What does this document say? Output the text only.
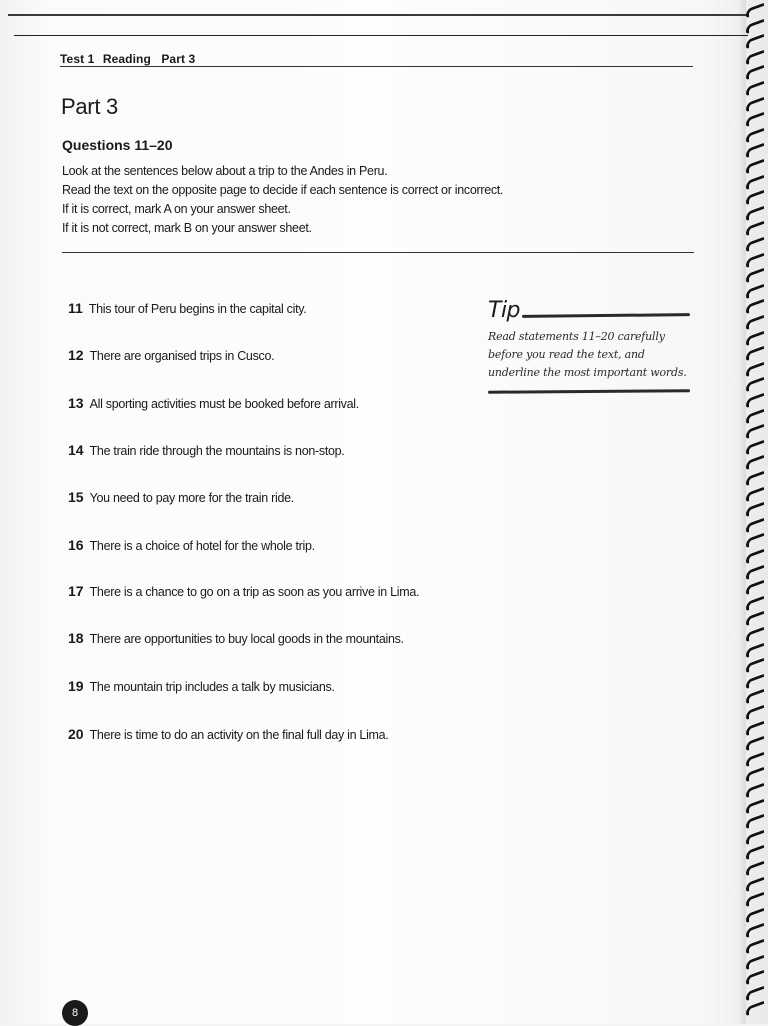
Test 1 Reading Part 3
Part 3
Questions 11–20
Look at the sentences below about a trip to the Andes in Peru.
Read the text on the opposite page to decide if each sentence is correct or incorrect.
If it is correct, mark A on your answer sheet.
If it is not correct, mark B on your answer sheet.
11 This tour of Peru begins in the capital city.
12 There are organised trips in Cusco.
13 All sporting activities must be booked before arrival.
14 The train ride through the mountains is non-stop.
15 You need to pay more for the train ride.
16 There is a choice of hotel for the whole trip.
17 There is a chance to go on a trip as soon as you arrive in Lima.
18 There are opportunities to buy local goods in the mountains.
19 The mountain trip includes a talk by musicians.
20 There is time to do an activity on the final full day in Lima.
Tip
Read statements 11–20 carefully
before you read the text, and
underline the most important words.
8
